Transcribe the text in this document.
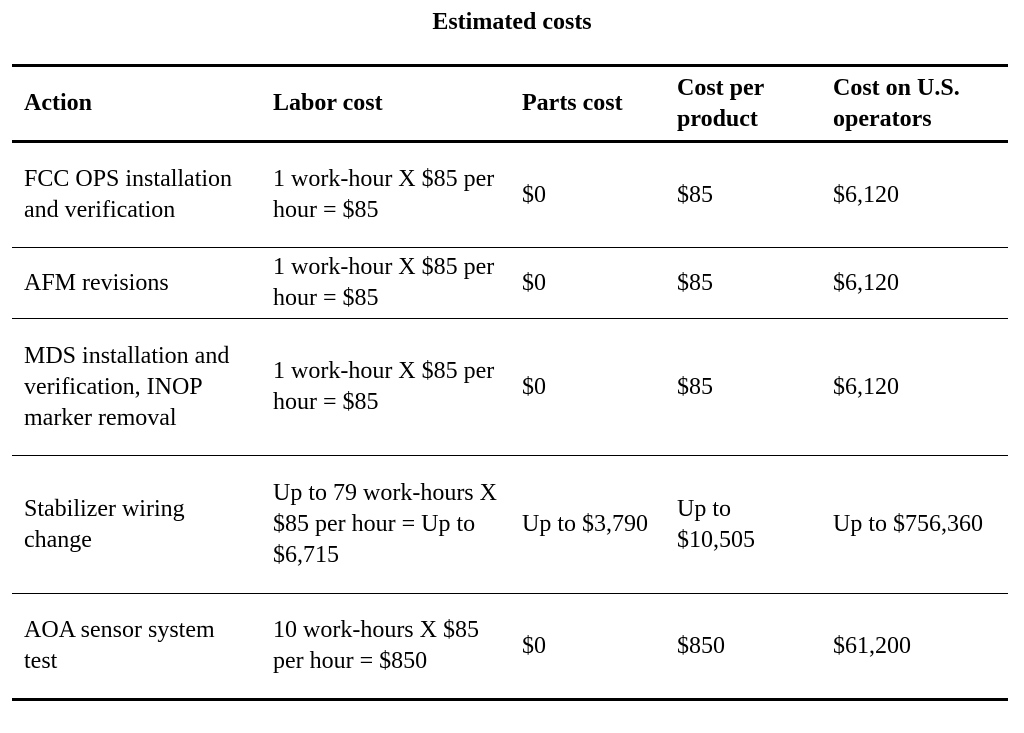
Estimated costs
Action	Labor cost	Parts cost	Cost per product	Cost on U.S. operators
FCC OPS installation and verification	1 work-hour X $85 per hour = $85	$0	$85	$6,120
AFM revisions	1 work-hour X $85 per hour = $85	$0	$85	$6,120
MDS installation and verification, INOP marker removal	1 work-hour X $85 per hour = $85	$0	$85	$6,120
Stabilizer wiring change	Up to 79 work-hours X $85 per hour = Up to $6,715	Up to $3,790	Up to $10,505	Up to $756,360
AOA sensor system test	10 work-hours X $85 per hour = $850	$0	$850	$61,200
